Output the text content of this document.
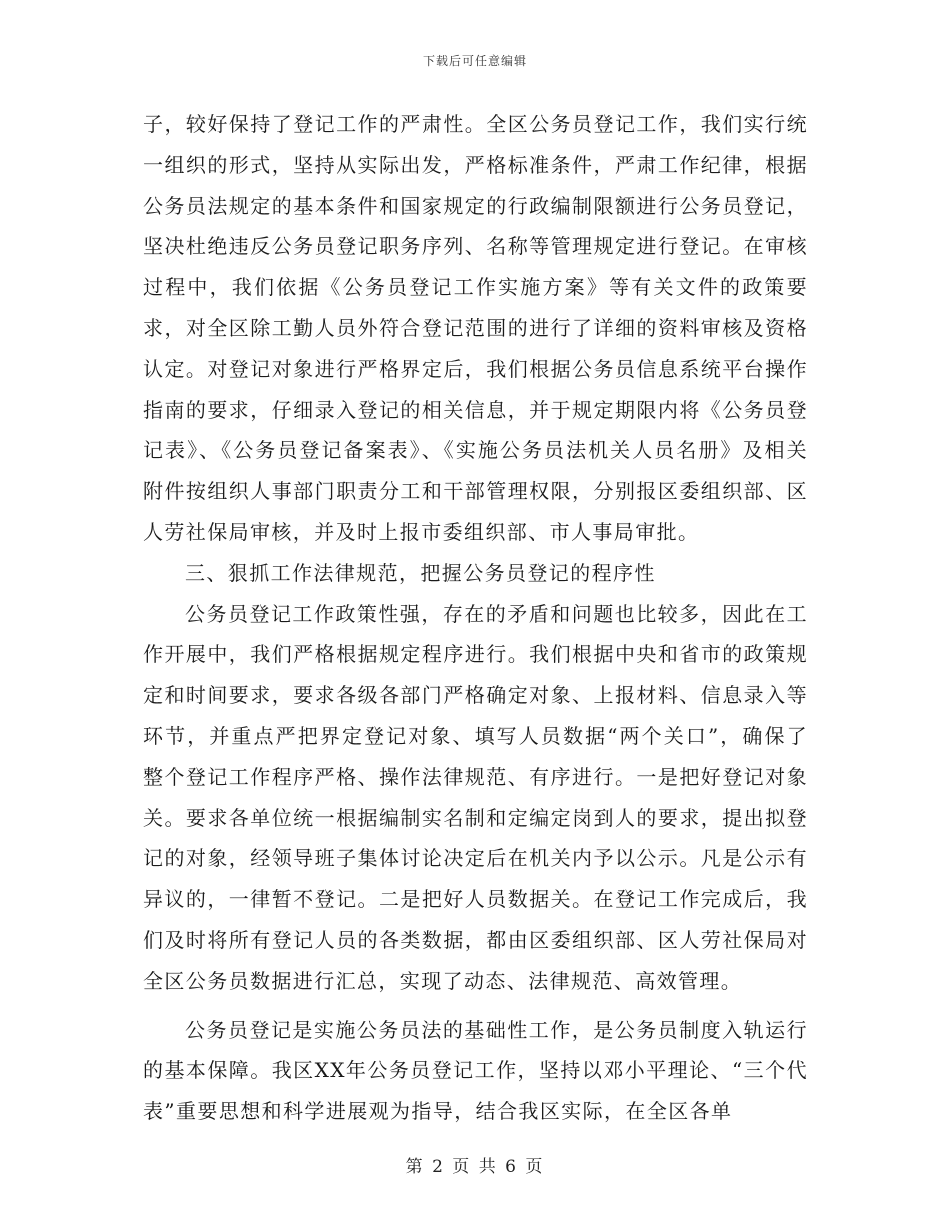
下载后可任意编辑

子，较好保持了登记工作的严肃性。全区公务员登记工作，我们实行统一组织的形式，坚持从实际出发，严格标准条件，严肃工作纪律，根据公务员法规定的基本条件和国家规定的行政编制限额进行公务员登记，坚决杜绝违反公务员登记职务序列、名称等管理规定进行登记。在审核过程中，我们依据《公务员登记工作实施方案》等有关文件的政策要求，对全区除工勤人员外符合登记范围的进行了详细的资料审核及资格认定。对登记对象进行严格界定后，我们根据公务员信息系统平台操作指南的要求，仔细录入登记的相关信息，并于规定期限内将《公务员登记表》、《公务员登记备案表》、《实施公务员法机关人员名册》及相关附件按组织人事部门职责分工和干部管理权限，分别报区委组织部、区人劳社保局审核，并及时上报市委组织部、市人事局审批。

三、狠抓工作法律规范，把握公务员登记的程序性

公务员登记工作政策性强，存在的矛盾和问题也比较多，因此在工作开展中，我们严格根据规定程序进行。我们根据中央和省市的政策规定和时间要求，要求各级各部门严格确定对象、上报材料、信息录入等环节，并重点严把界定登记对象、填写人员数据“两个关口”，确保了整个登记工作程序严格、操作法律规范、有序进行。一是把好登记对象关。要求各单位统一根据编制实名制和定编定岗到人的要求，提出拟登记的对象，经领导班子集体讨论决定后在机关内予以公示。凡是公示有异议的，一律暂不登记。二是把好人员数据关。在登记工作完成后，我们及时将所有登记人员的各类数据，都由区委组织部、区人劳社保局对全区公务员数据进行汇总，实现了动态、法律规范、高效管理。

公务员登记是实施公务员法的基础性工作，是公务员制度入轨运行的基本保障。我区XX年公务员登记工作，坚持以邓小平理论、“三个代表”重要思想和科学进展观为指导，结合我区实际，在全区各单

第 2 页 共 6 页
